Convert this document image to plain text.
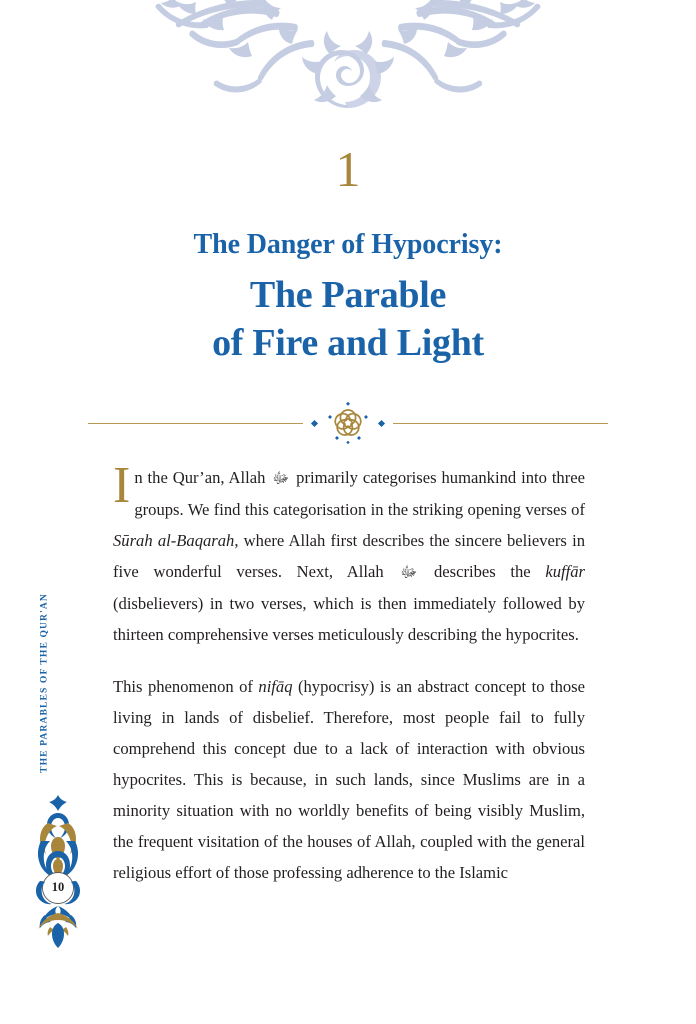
1
The Danger of Hypocrisy:
The Parable
of Fire and Light

In the Qur’an, Allah ﷻ primarily categorises humankind into three groups. We find this categorisation in the striking opening verses of Sūrah al-Baqarah, where Allah first describes the sincere believers in five wonderful verses. Next, Allah ﷻ describes the kuffār (disbelievers) in two verses, which is then immediately followed by thirteen comprehensive verses meticulously describing the hypocrites.

This phenomenon of nifāq (hypocrisy) is an abstract concept to those living in lands of disbelief. Therefore, most people fail to fully comprehend this concept due to a lack of interaction with obvious hypocrites. This is because, in such lands, since Muslims are in a minority situation with no worldly benefits of being visibly Muslim, the frequent visitation of the houses of Allah, coupled with the general religious effort of those professing adherence to the Islamic

THE PARABLES OF THE QUR'AN
10
